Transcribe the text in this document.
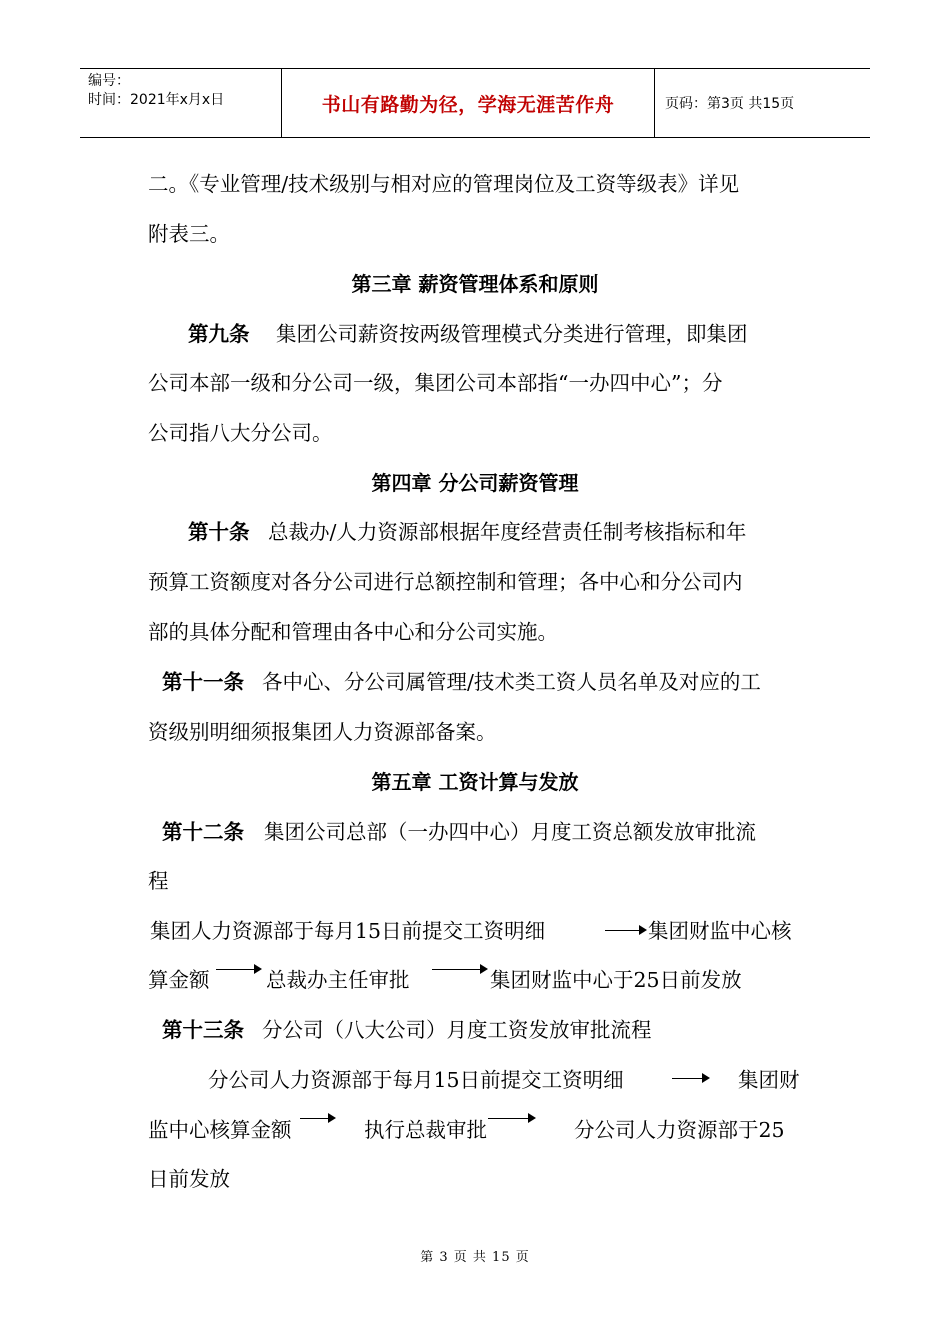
编号：
时间：2021年x月x日	书山有路勤为径，学海无涯苦作舟	页码：第3页 共15页
二。《专业管理/技术级别与相对应的管理岗位及工资等级表》详见
附表三。
第三章 薪资管理体系和原则
第九条 集团公司薪资按两级管理模式分类进行管理，即集团
公司本部一级和分公司一级，集团公司本部指“一办四中心”；分
公司指八大分公司。
第四章 分公司薪资管理
第十条 总裁办/人力资源部根据年度经营责任制考核指标和年
预算工资额度对各分公司进行总额控制和管理；各中心和分公司内
部的具体分配和管理由各中心和分公司实施。
第十一条 各中心、分公司属管理/技术类工资人员名单及对应的工
资级别明细须报集团人力资源部备案。
第五章 工资计算与发放
第十二条 集团公司总部（一办四中心）月度工资总额发放审批流
程
集团人力资源部于每月15日前提交工资明细	集团财监中心核
算金额	总裁办主任审批	集团财监中心于25日前发放
第十三条 分公司（八大公司）月度工资发放审批流程
分公司人力资源部于每月15日前提交工资明细	集团财
监中心核算金额	执行总裁审批	分公司人力资源部于25
日前发放
第 3 页 共 15 页
